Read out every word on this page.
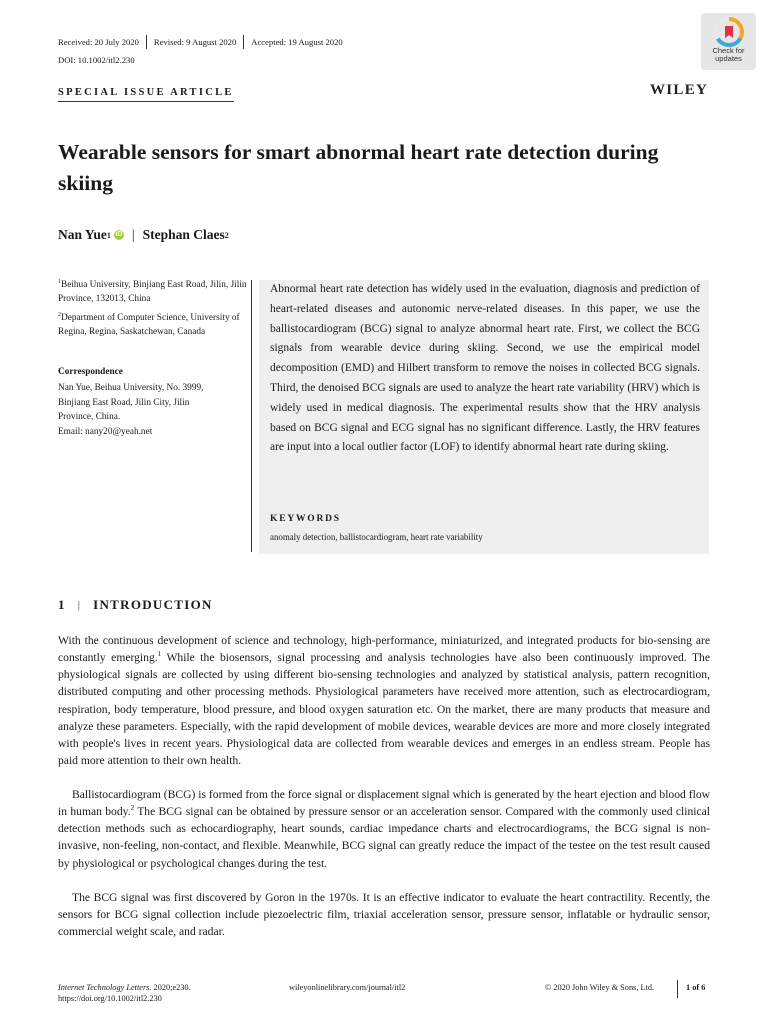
Received: 20 July 2020 Revised: 9 August 2020 Accepted: 19 August 2020
DOI: 10.1002/itl2.230
Check for
updates
WILEY
SPECIAL ISSUE ARTICLE
Wearable sensors for smart abnormal heart rate detection during skiing
Nan Yue 1 iD | Stephan Claes 2

$^1$Beihua University, Binjiang East Road, Jilin, Jilin Province, 132013, China

$^2$Department of Computer Science, University of Regina, Regina, Saskatchewan, Canada

Correspondence
Nan Yue, Beihua University, No. 3999,
Binjiang East Road, Jilin City, Jilin
Province, China.
Email: nany20@yeah.net

Abnormal heart rate detection has widely used in the evaluation, diagnosis and prediction of heart-related diseases and autonomic nerve-related diseases. In this paper, we use the ballistocardiogram (BCG) signal to analyze abnormal heart rate. First, we collect the BCG signals from wearable device during skiing. Second, we use the empirical model decomposition (EMD) and Hilbert transform to remove the noises in collected BCG signals. Third, the denoised BCG signals are used to analyze the heart rate variability (HRV) which is widely used in medical diagnosis. The experimental results show that the HRV analysis based on BCG signal and ECG signal has no significant difference. Lastly, the HRV features are input into a local outlier factor (LOF) to identify abnormal heart rate during skiing.

KEYWORDS
anomaly detection, ballistocardiogram, heart rate variability
1 | INTRODUCTION

With the continuous development of science and technology, high-performance, miniaturized, and integrated products for bio-sensing are constantly emerging.$^1$ While the biosensors, signal processing and analysis technologies have also been continuously improved. The physiological signals are collected by using different bio-sensing technologies and analyzed by statistical analysis, pattern recognition, distributed computing and other processing methods. Physiological parameters have received more attention, such as electrocardiogram, respiration, body temperature, blood pressure, and blood oxygen saturation etc. On the market, there are many products that measure and analyze these parameters. Especially, with the rapid development of mobile devices, wearable devices are more and more closely integrated with people's lives in recent years. Physiological data are collected from wearable devices and emerges in an endless stream. People has paid more attention to their own health.

Ballistocardiogram (BCG) is formed from the force signal or displacement signal which is generated by the heart ejection and blood flow in human body.$^2$ The BCG signal can be obtained by pressure sensor or an acceleration sensor. Compared with the commonly used clinical detection methods such as echocardiography, heart sounds, cardiac impedance charts and electrocardiograms, the BCG signal is non-invasive, non-feeling, non-contact, and flexible. Meanwhile, BCG signal can greatly reduce the impact of the testee on the test result caused by physiological or psychological changes during the test.

The BCG signal was first discovered by Goron in the 1970s. It is an effective indicator to evaluate the heart contractility. Recently, the sensors for BCG signal collection include piezoelectric film, triaxial acceleration sensor, pressure sensor, inflatable or hydraulic sensor, commercial weight scale, and radar.

Internet Technology Letters. 2020;e230.
https://doi.org/10.1002/itl2.230
wileyonlinelibrary.com/journal/itl2	© 2020 John Wiley & Sons, Ltd.	1 of 6
